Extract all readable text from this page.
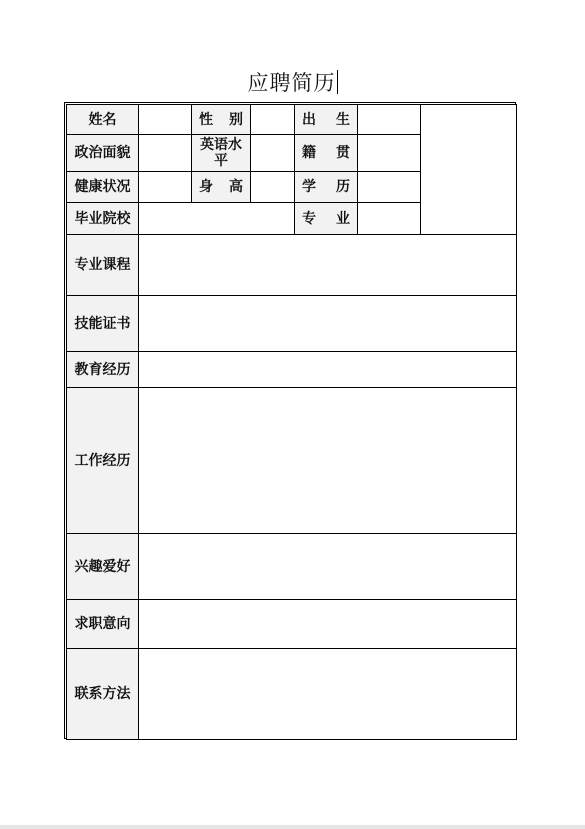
应聘简历
姓名		性 别		出 生		

政治面貌		英语水平		籍 贯		

健康状况		身 高		学 历		

毕业院校				专 业		

专业课程						
技能证书						
教育经历						
工作经历						
兴趣爱好						
求职意向						
联系方法						
